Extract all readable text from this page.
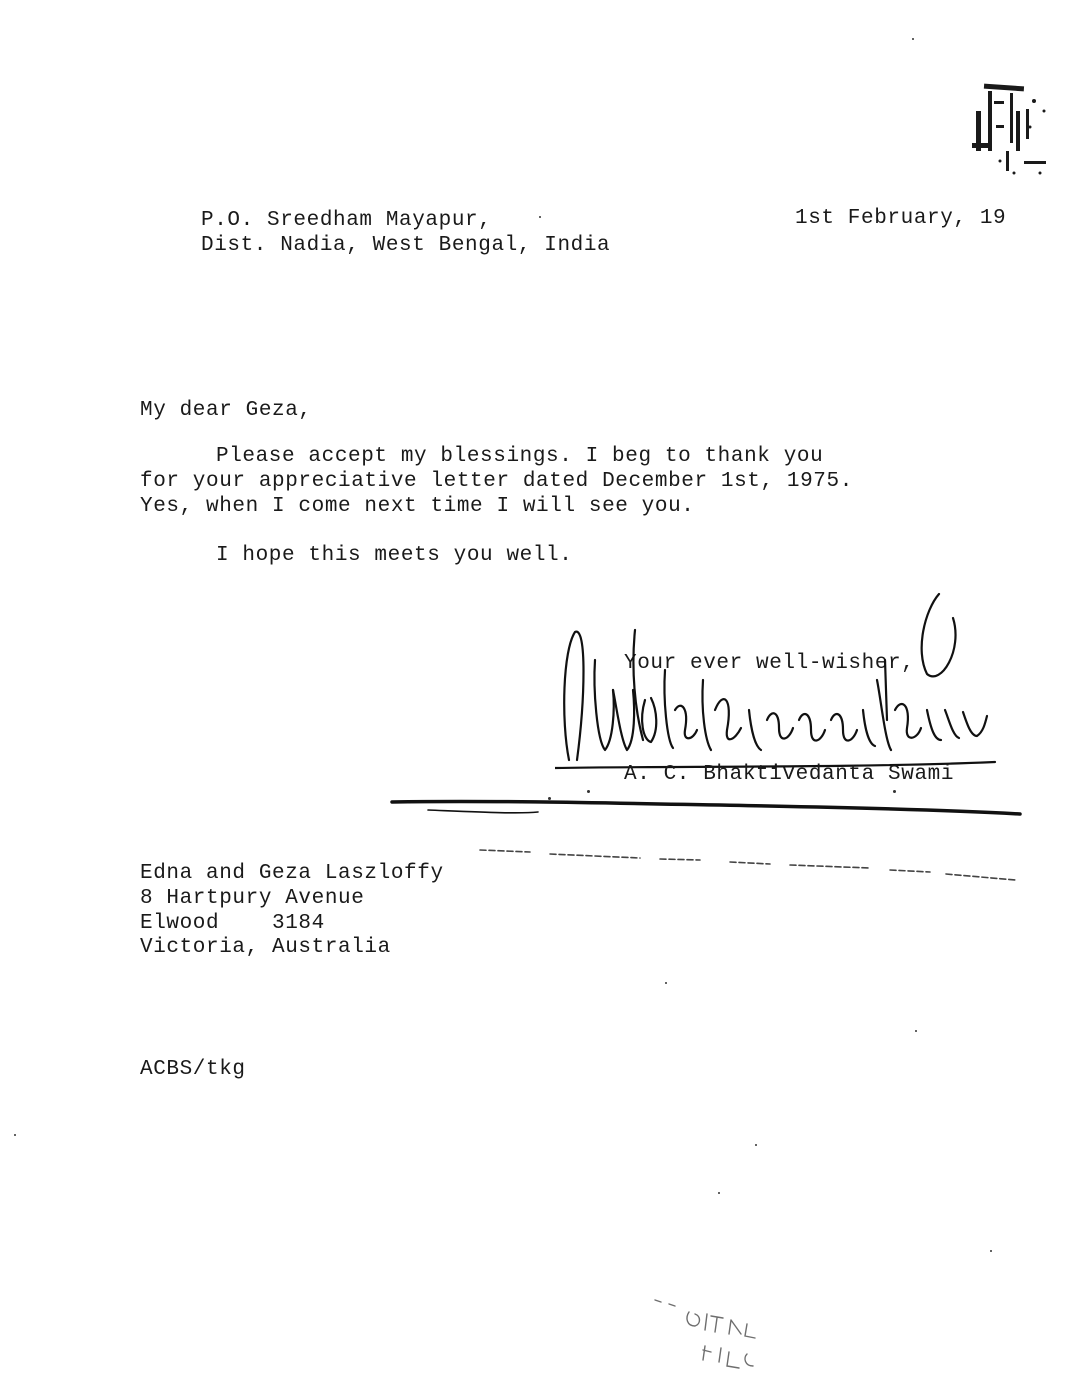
P.O. Sreedham Mayapur,
Dist. Nadia, West Bengal, India
1st February, 19
My dear Geza,
Please accept my blessings. I beg to thank you
for your appreciative letter dated December 1st, 1975.
Yes, when I come next time I will see you.
I hope this meets you well.
Your ever well-wisher,
A. C. Bhaktivedanta Swami
Edna and Geza Laszloffy
8 Hartpury Avenue
Elwood    3184
Victoria, Australia
ACBS/tkg
